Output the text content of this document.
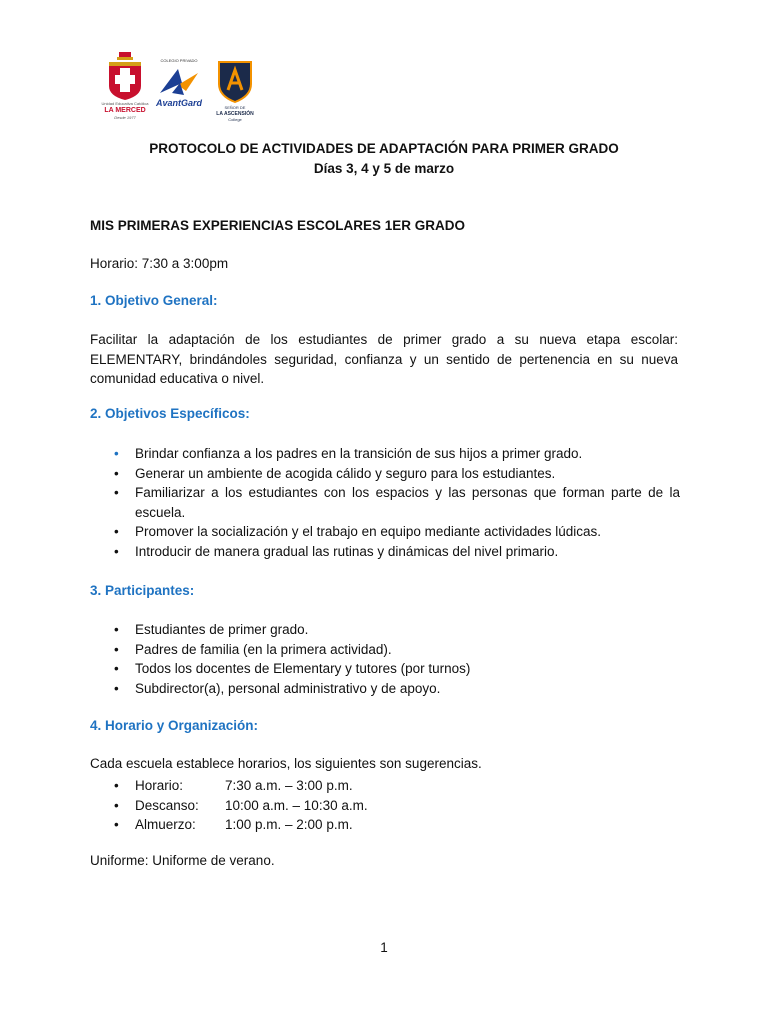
Unidad Educativa Católica
LA MERCED
Desde 1977
COLEGIO PRIVADO
AvantGard	SEÑOR DE
LA ASCENSIÓN
College
PROTOCOLO DE ACTIVIDADES DE ADAPTACIÓN PARA PRIMER GRADO
Días 3, 4 y 5 de marzo
MIS PRIMERAS EXPERIENCIAS ESCOLARES 1ER GRADO
Horario: 7:30 a 3:00pm
1. Objetivo General:
Facilitar la adaptación de los estudiantes de primer grado a su nueva etapa escolar: ELEMENTARY, brindándoles seguridad, confianza y un sentido de pertenencia en su nueva comunidad educativa o nivel.
2. Objetivos Específicos:
• Brindar confianza a los padres en la transición de sus hijos a primer grado.
• Generar un ambiente de acogida cálido y seguro para los estudiantes.
• Familiarizar a los estudiantes con los espacios y las personas que forman parte de la escuela.
• Promover la socialización y el trabajo en equipo mediante actividades lúdicas.
• Introducir de manera gradual las rutinas y dinámicas del nivel primario.
3. Participantes:
• Estudiantes de primer grado.
• Padres de familia (en la primera actividad).
• Todos los docentes de Elementary y tutores (por turnos)
• Subdirector(a), personal administrativo y de apoyo.
4. Horario y Organización:
Cada escuela establece horarios, los siguientes son sugerencias.
• Horario:	7:30 a.m. – 3:00 p.m.
• Descanso: 10:00 a.m. – 10:30 a.m.
• Almuerzo: 1:00 p.m. – 2:00 p.m.
Uniforme: Uniforme de verano.
1
